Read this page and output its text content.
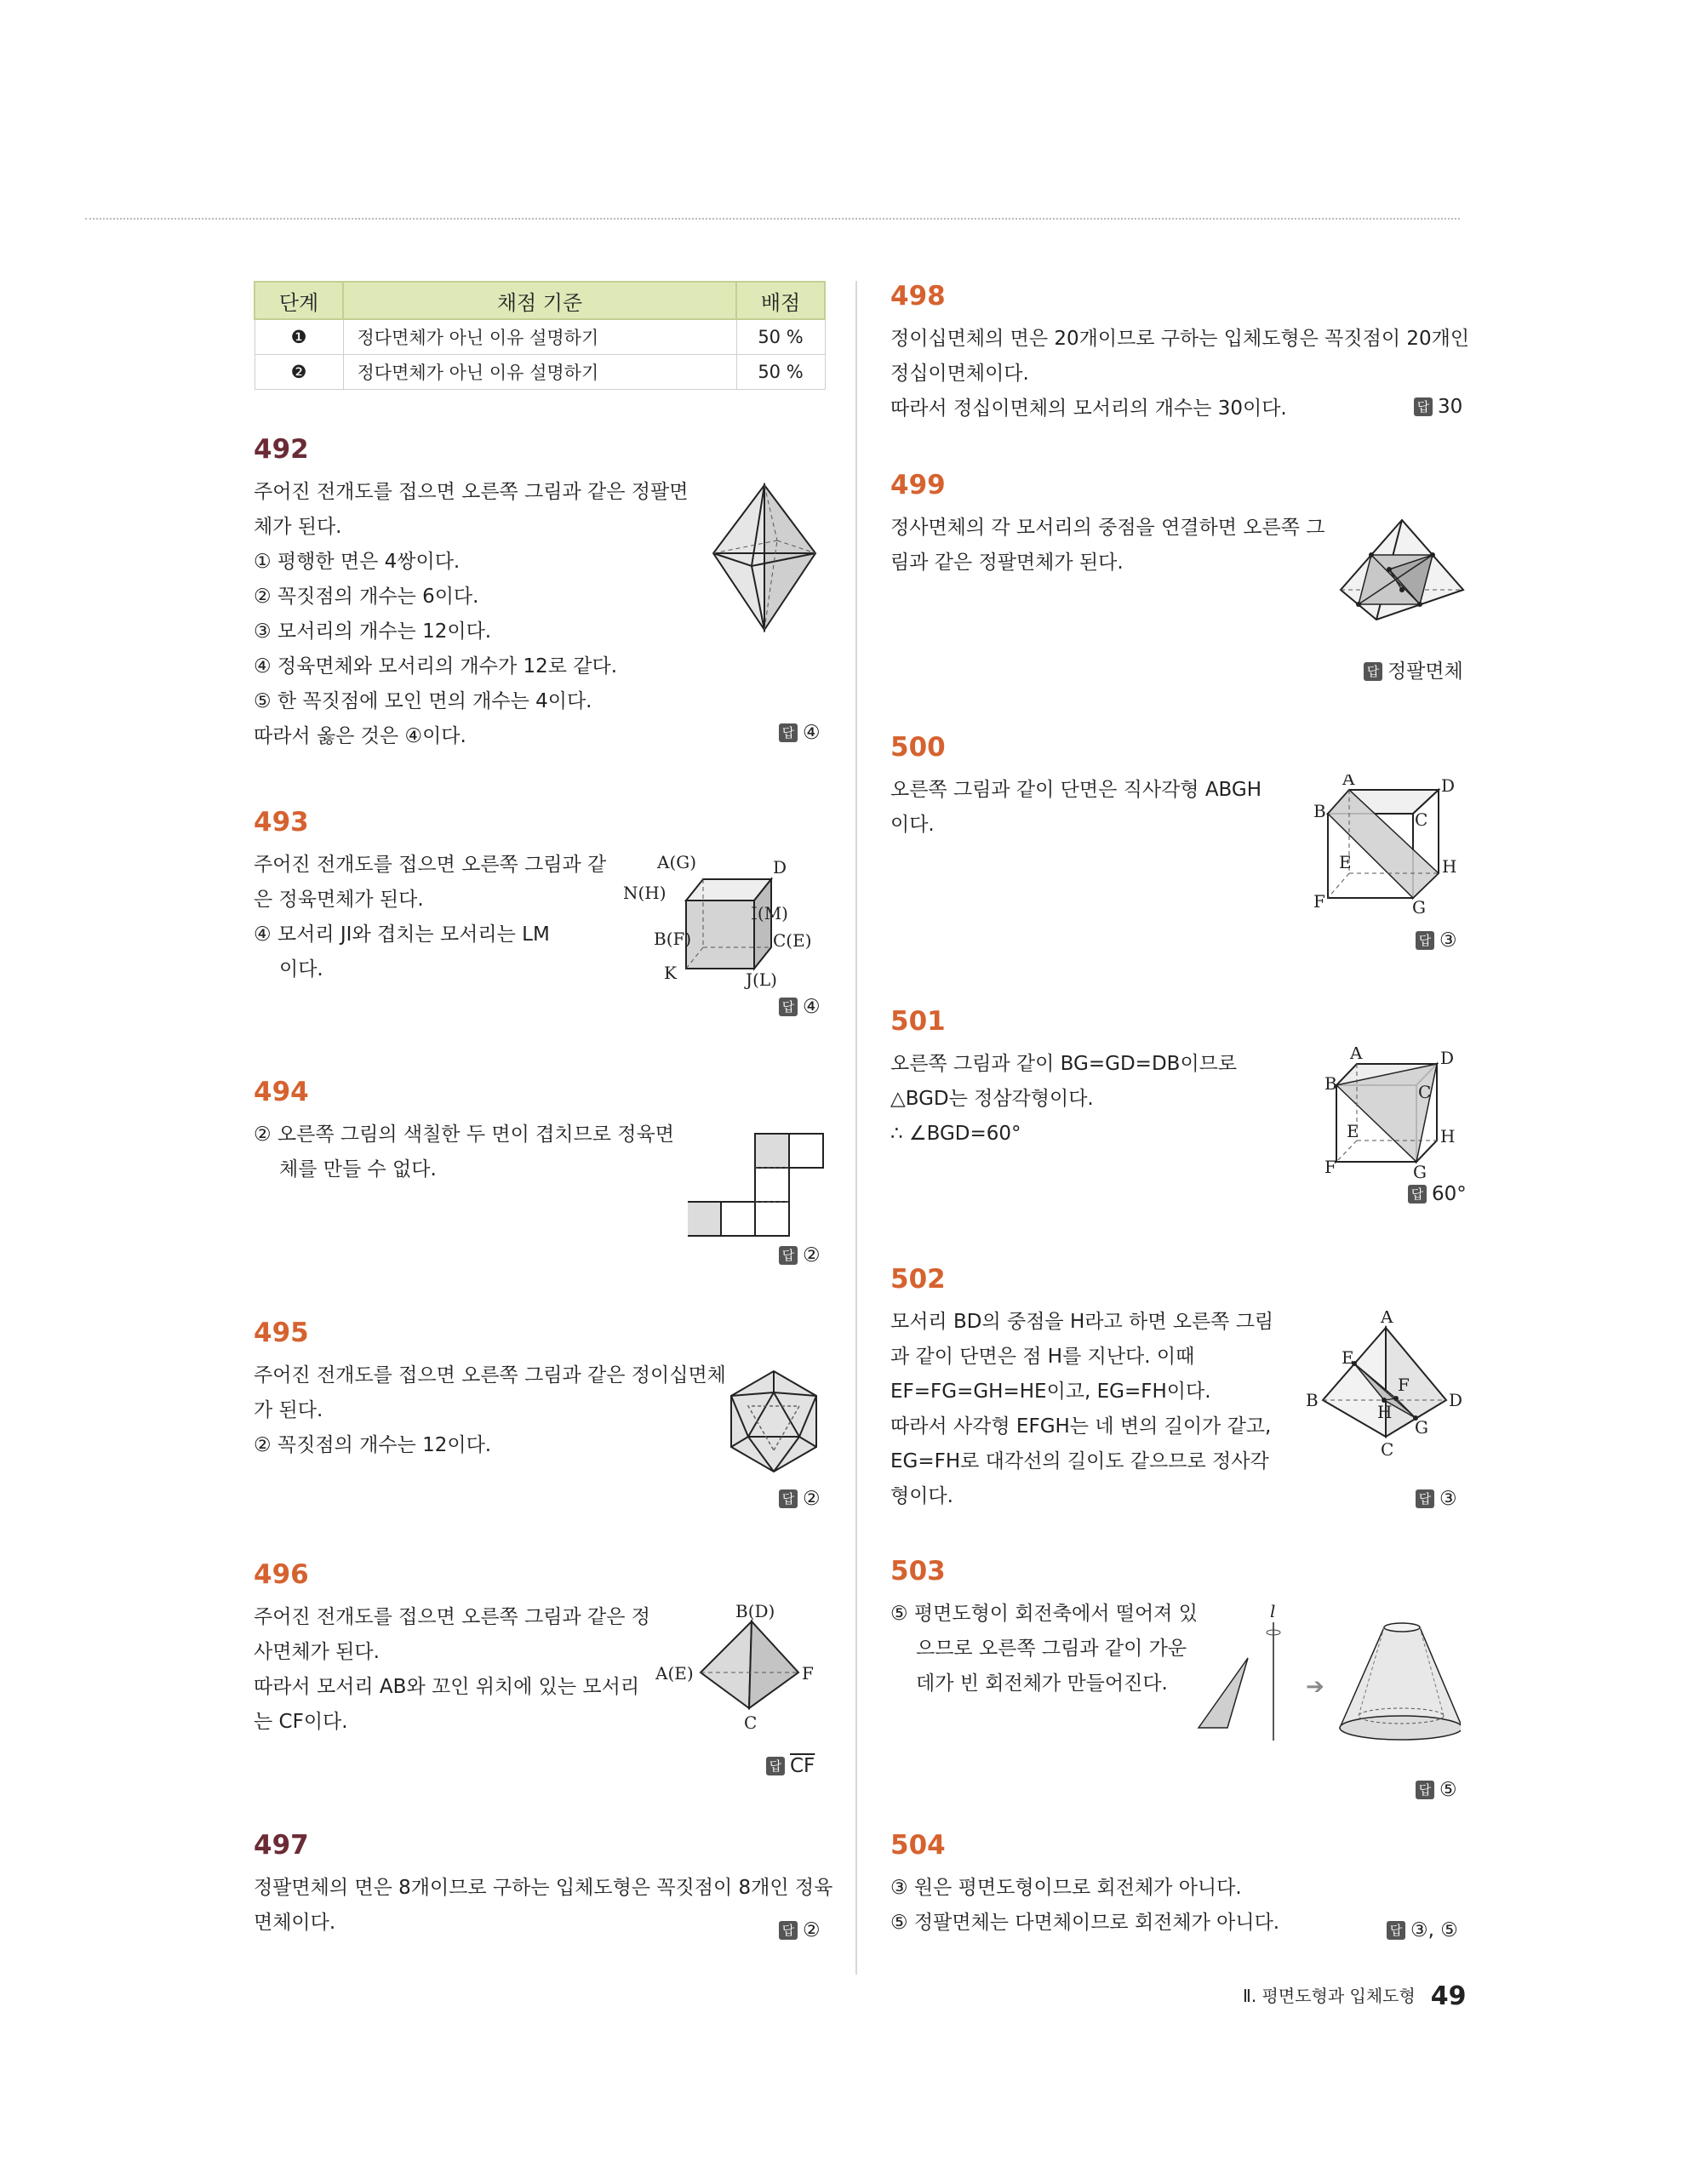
단계	채점 기준	배점
❶	정다면체가 아닌 이유 설명하기	50 %
❷	정다면체가 아닌 이유 설명하기	50 %
492
주어진 전개도를 접으면 오른쪽 그림과 같은 정팔면
체가 된다.
① 평행한 면은 4쌍이다.
② 꼭짓점의 개수는 6이다.
③ 모서리의 개수는 12이다.
④ 정육면체와 모서리의 개수가 12로 같다.
⑤ 한 꼭짓점에 모인 면의 개수는 4이다.
따라서 옳은 것은 ④이다.	답 ④
493
주어진 전개도를 접으면 오른쪽 그림과 같
은 정육면체가 된다.
④ 모서리 JI와 겹치는 모서리는 LM
이다.
A(G)	D
N(H)
I(M)
B(F)	C(E)
K	J(L)
답 ④
494
② 오른쪽 그림의 색칠한 두 면이 겹치므로 정육면
체를 만들 수 없다.
답 ②
495
주어진 전개도를 접으면 오른쪽 그림과 같은 정이십면체
가 된다.
② 꼭짓점의 개수는 12이다.
답 ②
496
주어진 전개도를 접으면 오른쪽 그림과 같은 정
사면체가 된다.
따라서 모서리 AB와 꼬인 위치에 있는 모서리
는 CF이다.
B(D)
A(E)	F
C
답 $\overline{CF}$
497
정팔면체의 면은 8개이므로 구하는 입체도형은 꼭짓점이 8개인 정육
면체이다.	답 ②
498
정이십면체의 면은 20개이므로 구하는 입체도형은 꼭짓점이 20개인
정십이면체이다.
따라서 정십이면체의 모서리의 개수는 30이다.	답 30
499
정사면체의 각 모서리의 중점을 연결하면 오른쪽 그
림과 같은 정팔면체가 된다.
답 정팔면체
500
오른쪽 그림과 같이 단면은 직사각형 ABGH
이다.
A	D
B	C
E	H
F	G
답 ③
501
오른쪽 그림과 같이 BG=GD=DB이므로
△BGD는 정삼각형이다.
∴ ∠BGD=60°
A	D
B	C
E	H
F	G
답 60°
502
모서리 BD의 중점을 H라고 하면 오른쪽 그림
과 같이 단면은 점 H를 지난다. 이때
EF=FG=GH=HE이고, EG=FH이다.
따라서 사각형 EFGH는 네 변의 길이가 같고,
EG=FH로 대각선의 길이도 같으므로 정사각
형이다.
A
E
F
B	D
H
G
C
답 ③
503
⑤ 평면도형이 회전축에서 떨어져 있
으므로 오른쪽 그림과 같이 가운
데가 빈 회전체가 만들어진다.
l
➔
답 ⑤
504
③ 원은 평면도형이므로 회전체가 아니다.
⑤ 정팔면체는 다면체이므로 회전체가 아니다.	답 ③, ⑤
Ⅱ. 평면도형과 입체도형 49
